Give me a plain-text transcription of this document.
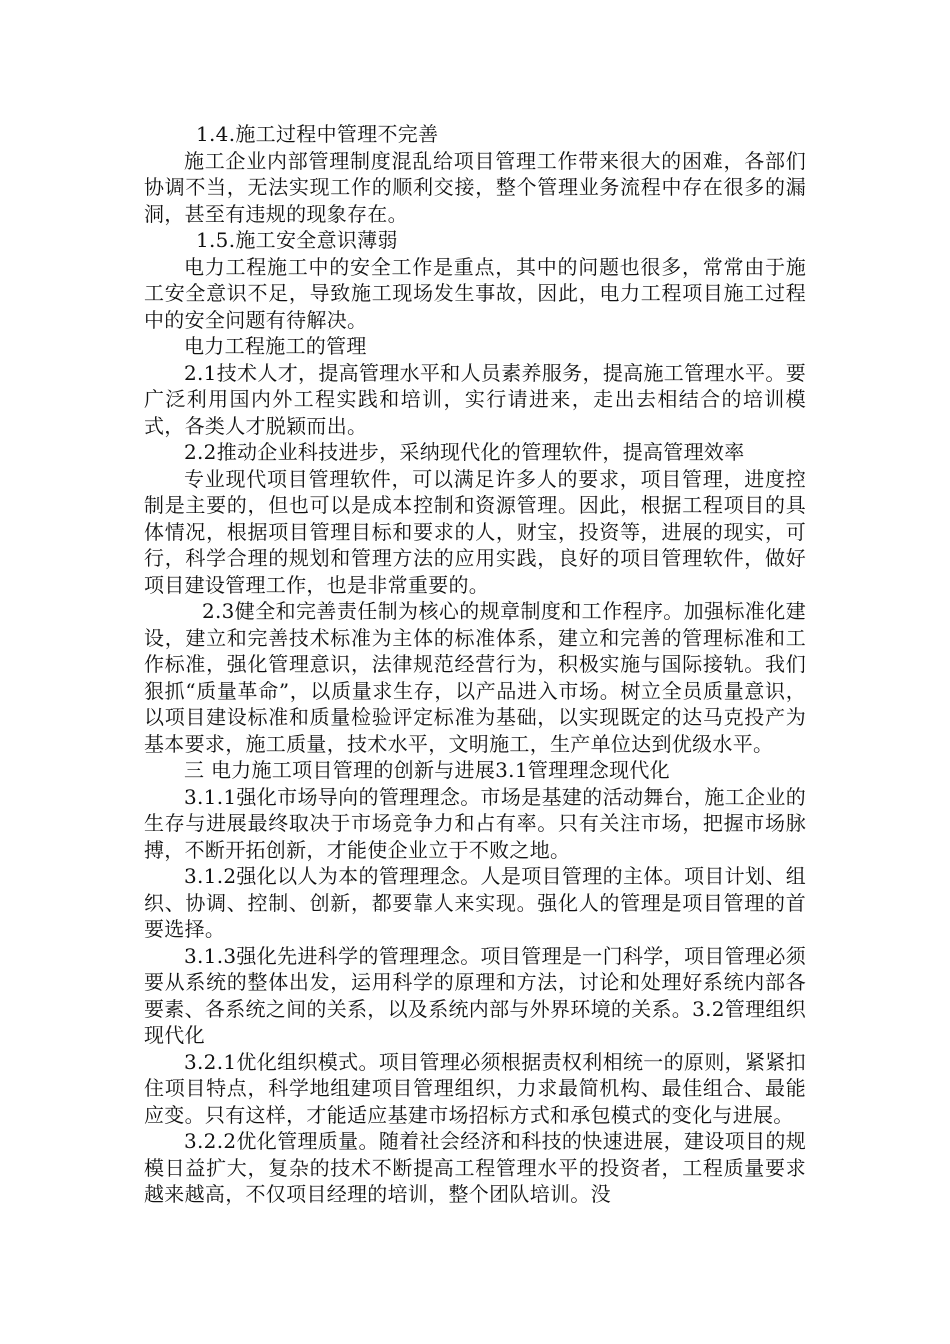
1.4.施工过程中管理不完善

施工企业内部管理制度混乱给项目管理工作带来很大的困难，各部们协调不当，无法实现工作的顺利交接，整个管理业务流程中存在很多的漏洞，甚至有违规的现象存在。

1.5.施工安全意识薄弱

电力工程施工中的安全工作是重点，其中的问题也很多，常常由于施工安全意识不足，导致施工现场发生事故，因此，电力工程项目施工过程中的安全问题有待解决。

电力工程施工的管理

2.1技术人才，提高管理水平和人员素养服务，提高施工管理水平。要广泛利用国内外工程实践和培训，实行请进来，走出去相结合的培训模式，各类人才脱颖而出。

2.2推动企业科技进步，采纳现代化的管理软件，提高管理效率

专业现代项目管理软件，可以满足许多人的要求，项目管理，进度控制是主要的，但也可以是成本控制和资源管理。因此，根据工程项目的具体情况，根据项目管理目标和要求的人，财宝，投资等，进展的现实，可行，科学合理的规划和管理方法的应用实践，良好的项目管理软件，做好项目建设管理工作，也是非常重要的。

2.3健全和完善责任制为核心的规章制度和工作程序。加强标准化建设，建立和完善技术标准为主体的标准体系，建立和完善的管理标准和工作标准，强化管理意识，法律规范经营行为，积极实施与国际接轨。我们狠抓“质量革命”，以质量求生存，以产品进入市场。树立全员质量意识，以项目建设标准和质量检验评定标准为基础，以实现既定的达马克投产为基本要求，施工质量，技术水平，文明施工，生产单位达到优级水平。

三 电力施工项目管理的创新与进展3.1管理理念现代化

3.1.1强化市场导向的管理理念。市场是基建的活动舞台，施工企业的生存与进展最终取决于市场竞争力和占有率。只有关注市场，把握市场脉搏，不断开拓创新，才能使企业立于不败之地。

3.1.2强化以人为本的管理理念。人是项目管理的主体。项目计划、组织、协调、控制、创新，都要靠人来实现。强化人的管理是项目管理的首要选择。

3.1.3强化先进科学的管理理念。项目管理是一门科学，项目管理必须要从系统的整体出发，运用科学的原理和方法，讨论和处理好系统内部各要素、各系统之间的关系，以及系统内部与外界环境的关系。3.2管理组织现代化

3.2.1优化组织模式。项目管理必须根据责权利相统一的原则，紧紧扣住项目特点，科学地组建项目管理组织，力求最简机构、最佳组合、最能应变。只有这样，才能适应基建市场招标方式和承包模式的变化与进展。

3.2.2优化管理质量。随着社会经济和科技的快速进展，建设项目的规模日益扩大，复杂的技术不断提高工程管理水平的投资者，工程质量要求越来越高，不仅项目经理的培训，整个团队培训。没
